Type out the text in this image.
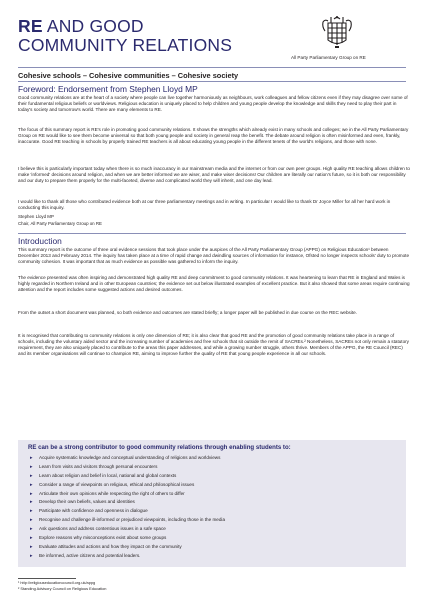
RE AND GOOD
COMMUNITY RELATIONS
All Party Parliamentary Group on RE
Cohesive schools – Cohesive communities – Cohesive society
Foreword: Endorsement from Stephen Lloyd MP
Good community relations are at the heart of a society where people can live together harmoniously as neighbours, work colleagues and fellow citizens even if they may disagree over some of their fundamental religious beliefs or worldviews. Religious education is uniquely placed to help children and young people develop the knowledge and skills they need to play their part in today's society and tomorrow's world. There are many elements to RE.
The focus of this summary report is RE's role in promoting good community relations. It shows the strengths which already exist in many schools and colleges; we in the All Party Parliamentary Group on RE would like to see them become universal so that both young people and society in general reap the benefit. The debate around religion is often misinformed and even, frankly, inaccurate. Good RE teaching in schools by properly trained RE teachers is all about educating young people in the different tenets of the world's religions, and those with none.
I believe this is particularly important today when there is so much inaccuracy in our mainstream media and the internet or from our own peer groups. High quality RE teaching allows children to make 'informed' decisions around religion, and when we are better informed we are wiser, and make wiser decisions! Our children are literally our nation's future, so it is both our responsibility and our duty to prepare them properly for the multi-faceted, diverse and complicated world they will inherit, and one day lead.
I would like to thank all those who contributed evidence both at our three parliamentary meetings and in writing. In particular I would like to thank Dr Joyce Miller for all her hard work in conducting this inquiry.
Stephen Lloyd MP
Chair, All Party Parliamentary Group on RE
Introduction
This summary report is the outcome of three oral evidence sessions that took place under the auspices of the All Party Parliamentary Group (APPG) on Religious Education¹ between December 2013 and February 2014. The inquiry has taken place at a time of rapid change and dwindling sources of information for instance, Ofsted no longer inspects schools' duty to promote community cohesion. It was important that as much evidence as possible was gathered to inform the inquiry.
The evidence presented was often inspiring and demonstrated high quality RE and deep commitment to good community relations. It was heartening to learn that RE in England and Wales is highly regarded in Northern Ireland and in other European countries; the evidence set out below illustrated examples of excellent practice. But it also showed that some areas require continuing attention and the report includes some suggested actions and desired outcomes.
From the outset a short document was planned, so both evidence and outcomes are stated briefly; a longer paper will be published in due course on the REC website.
It is recognised that contributing to community relations is only one dimension of RE; it is also clear that good RE and the promotion of good community relations take place in a range of schools, including the voluntary aided sector and the increasing number of academies and free schools that sit outside the remit of SACREs.² Nonetheless, SACREs not only remain a statutory requirement, they are also uniquely placed to contribute to the areas this paper addresses, and while a growing number struggle, others thrive. Members of the APPG, the RE Council (REC) and its member organisations will continue to champion RE, aiming to improve further the quality of RE that young people experience in all our schools.
RE can be a strong contributor to good community relations through enabling students to:
▸ Acquire systematic knowledge and conceptual understanding of religions and worldviews
▸ Learn from visits and visitors through personal encounters
▸ Learn about religion and belief in local, national and global contexts
▸ Consider a range of viewpoints on religious, ethical and philosophical issues
▸ Articulate their own opinions while respecting the right of others to differ
▸ Develop their own beliefs, values and identities
▸ Participate with confidence and openness in dialogue
▸ Recognise and challenge ill-informed or prejudiced viewpoints, including those in the media
▸ Ask questions and address contentious issues in a safe space
▸ Explore reasons why misconceptions exist about some groups
▸ Evaluate attitudes and actions and how they impact on the community
▸ Be informed, active citizens and potential leaders.
¹ http://religiouseducationcouncil.org.uk/appg
² Standing Advisory Council on Religious Education
